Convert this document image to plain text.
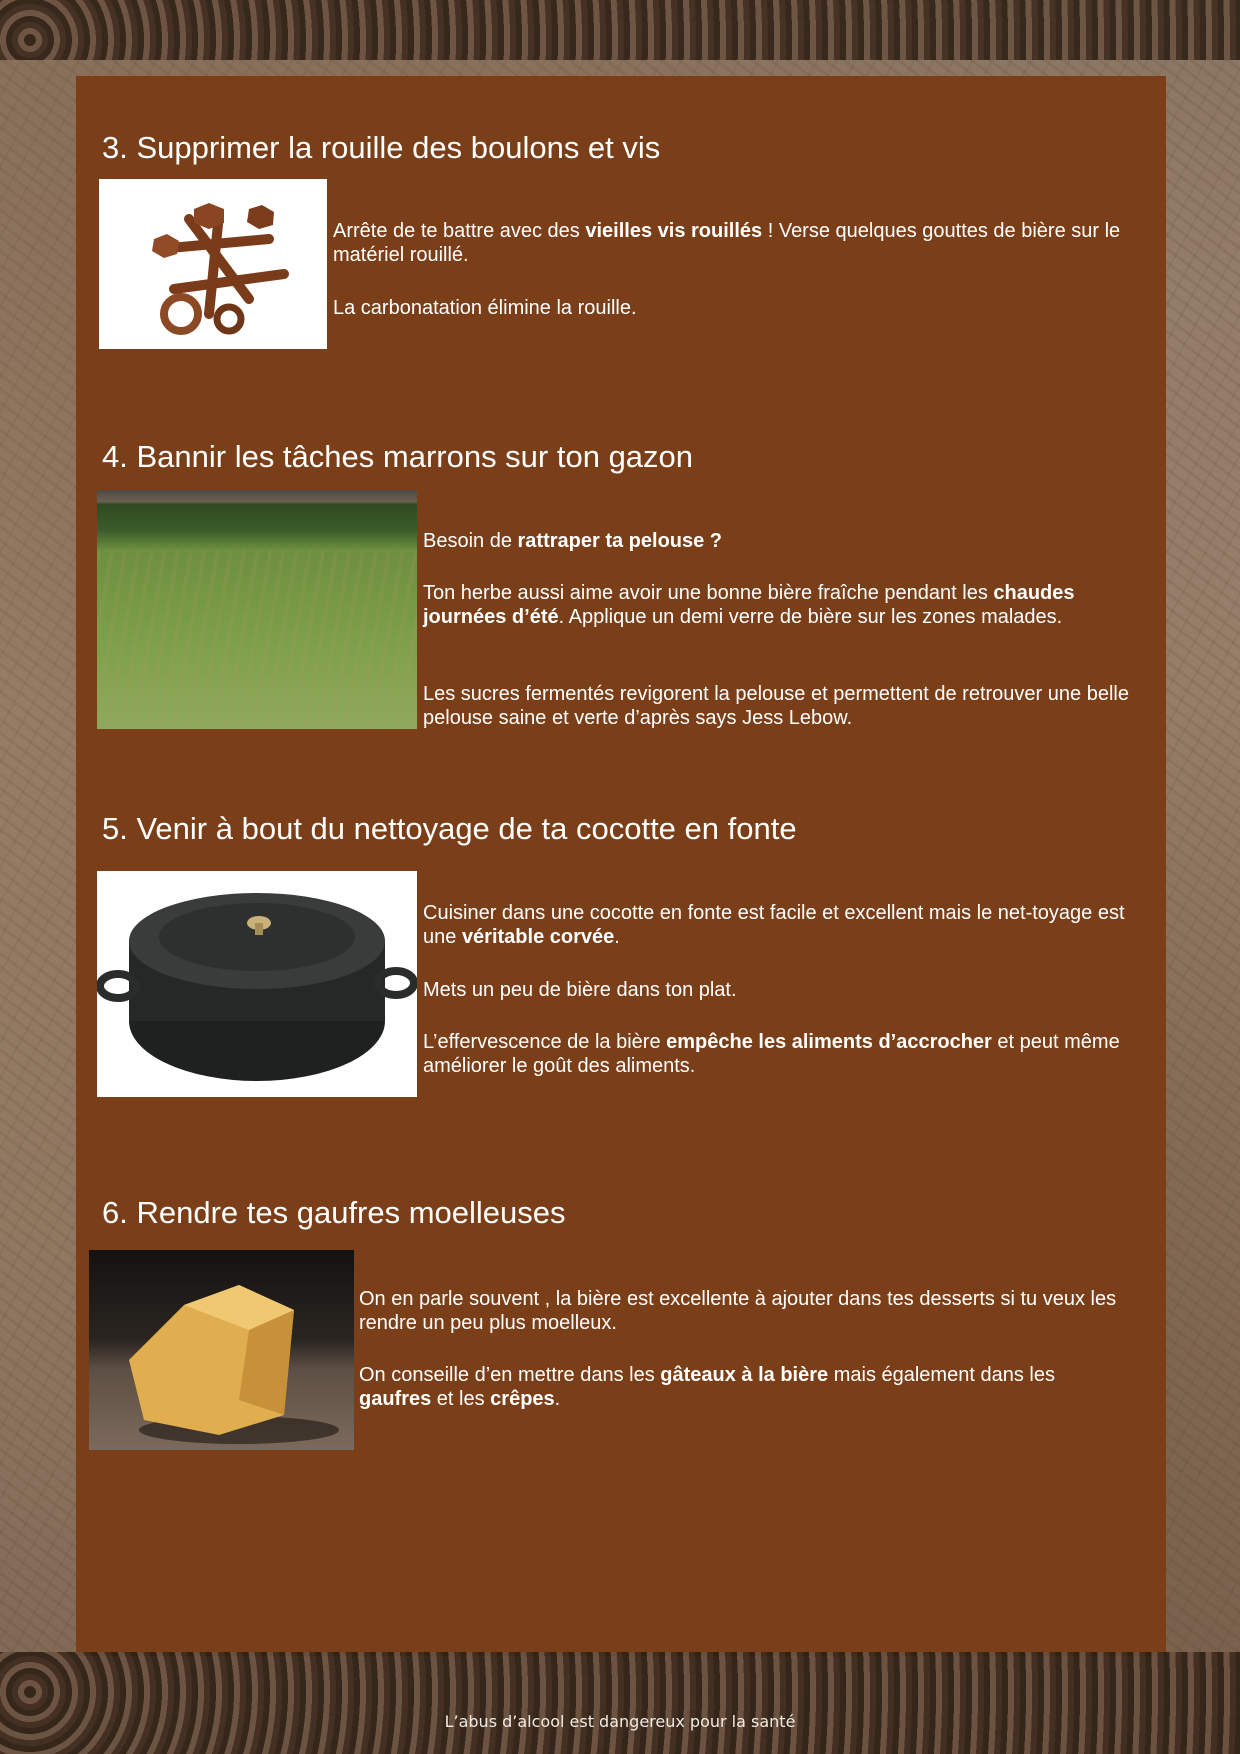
3. Supprimer la rouille des boulons et vis

Arrête de te battre avec des vieilles vis rouillés ! Verse quelques gouttes de bière sur le matériel rouillé.

La carbonatation élimine la rouille.

4. Bannir les tâches marrons sur ton gazon

Besoin de rattraper ta pelouse ?

Ton herbe aussi aime avoir une bonne bière fraîche pendant les chaudes journées d’été. Applique un demi verre de bière sur les zones malades.

Les sucres fermentés revigorent la pelouse et permettent de retrouver une belle pelouse saine et verte d’après says Jess Lebow.

5. Venir à bout du nettoyage de ta cocotte en fonte

Cuisiner dans une cocotte en fonte est facile et excellent mais le net-toyage est une véritable corvée.

Mets un peu de bière dans ton plat.

L’effervescence de la bière empêche les aliments d’accrocher et peut même améliorer le goût des aliments.

6. Rendre tes gaufres moelleuses

On en parle souvent , la bière est excellente à ajouter dans tes desserts si tu veux les rendre un peu plus moelleux.

On conseille d’en mettre dans les gâteaux à la bière mais également dans les gaufres et les crêpes.

L’abus d’alcool est dangereux pour la santé
